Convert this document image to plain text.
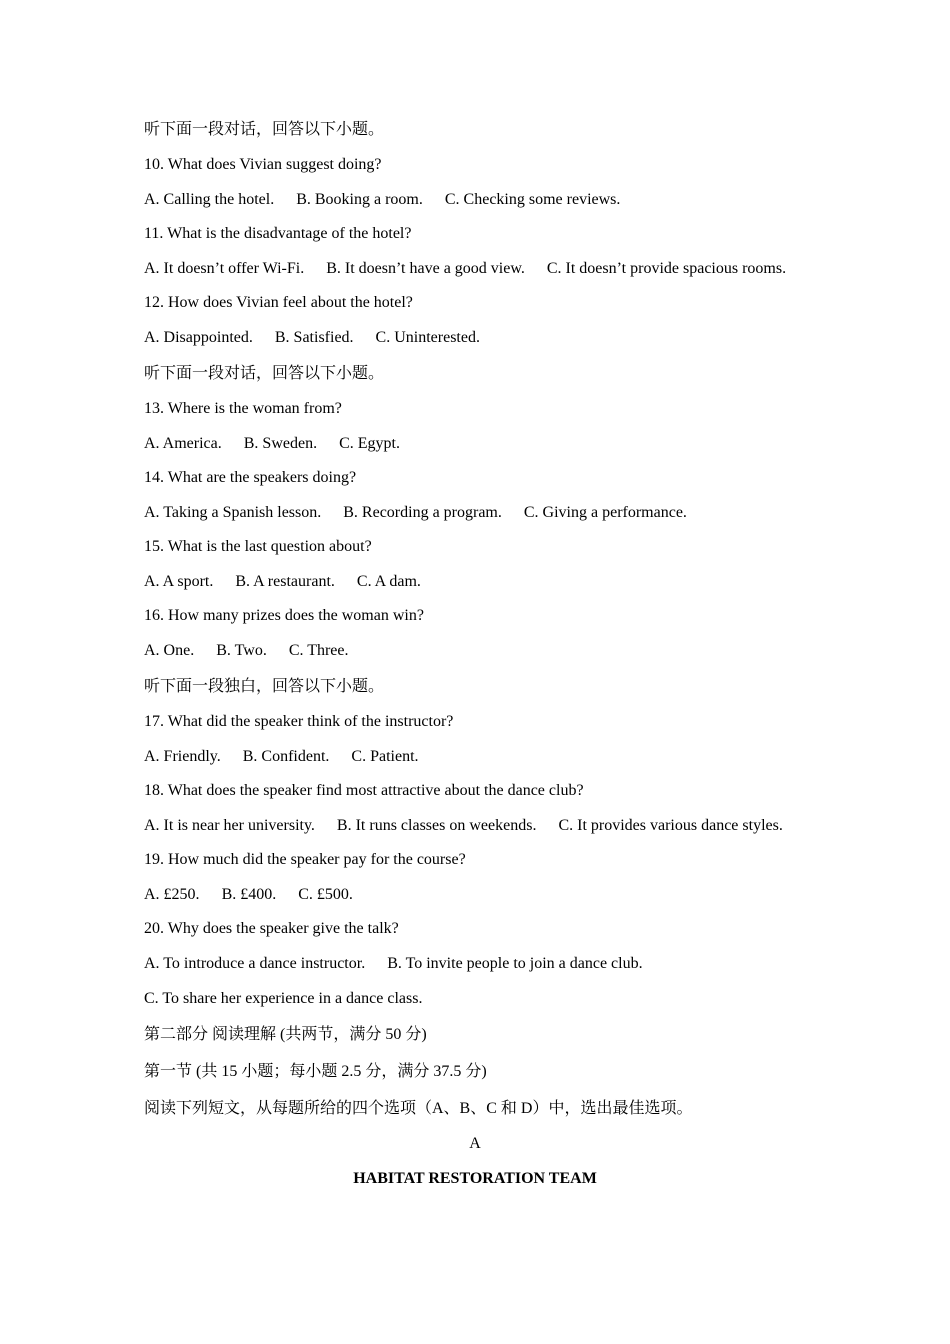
听下面一段对话，回答以下小题。
10. What does Vivian suggest doing?
A. Calling the hotel. B. Booking a room. C. Checking some reviews.
11. What is the disadvantage of the hotel?
A. It doesn’t offer Wi-Fi. B. It doesn’t have a good view. C. It doesn’t provide spacious rooms.
12. How does Vivian feel about the hotel?
A. Disappointed. B. Satisfied. C. Uninterested.
听下面一段对话，回答以下小题。
13. Where is the woman from?
A. America. B. Sweden. C. Egypt.
14. What are the speakers doing?
A. Taking a Spanish lesson. B. Recording a program. C. Giving a performance.
15. What is the last question about?
A. A sport. B. A restaurant. C. A dam.
16. How many prizes does the woman win?
A. One. B. Two. C. Three.
听下面一段独白，回答以下小题。
17. What did the speaker think of the instructor?
A. Friendly. B. Confident. C. Patient.
18. What does the speaker find most attractive about the dance club?
A. It is near her university. B. It runs classes on weekends. C. It provides various dance styles.
19. How much did the speaker pay for the course?
A. £250. B. £400. C. £500.
20. Why does the speaker give the talk?
A. To introduce a dance instructor. B. To invite people to join a dance club.
C. To share her experience in a dance class.
第二部分 阅读理解 (共两节，满分 50 分)
第一节 (共 15 小题；每小题 2.5 分，满分 37.5 分)
阅读下列短文，从每题所给的四个选项（A、B、C 和 D）中，选出最佳选项。
A
HABITAT RESTORATION TEAM
